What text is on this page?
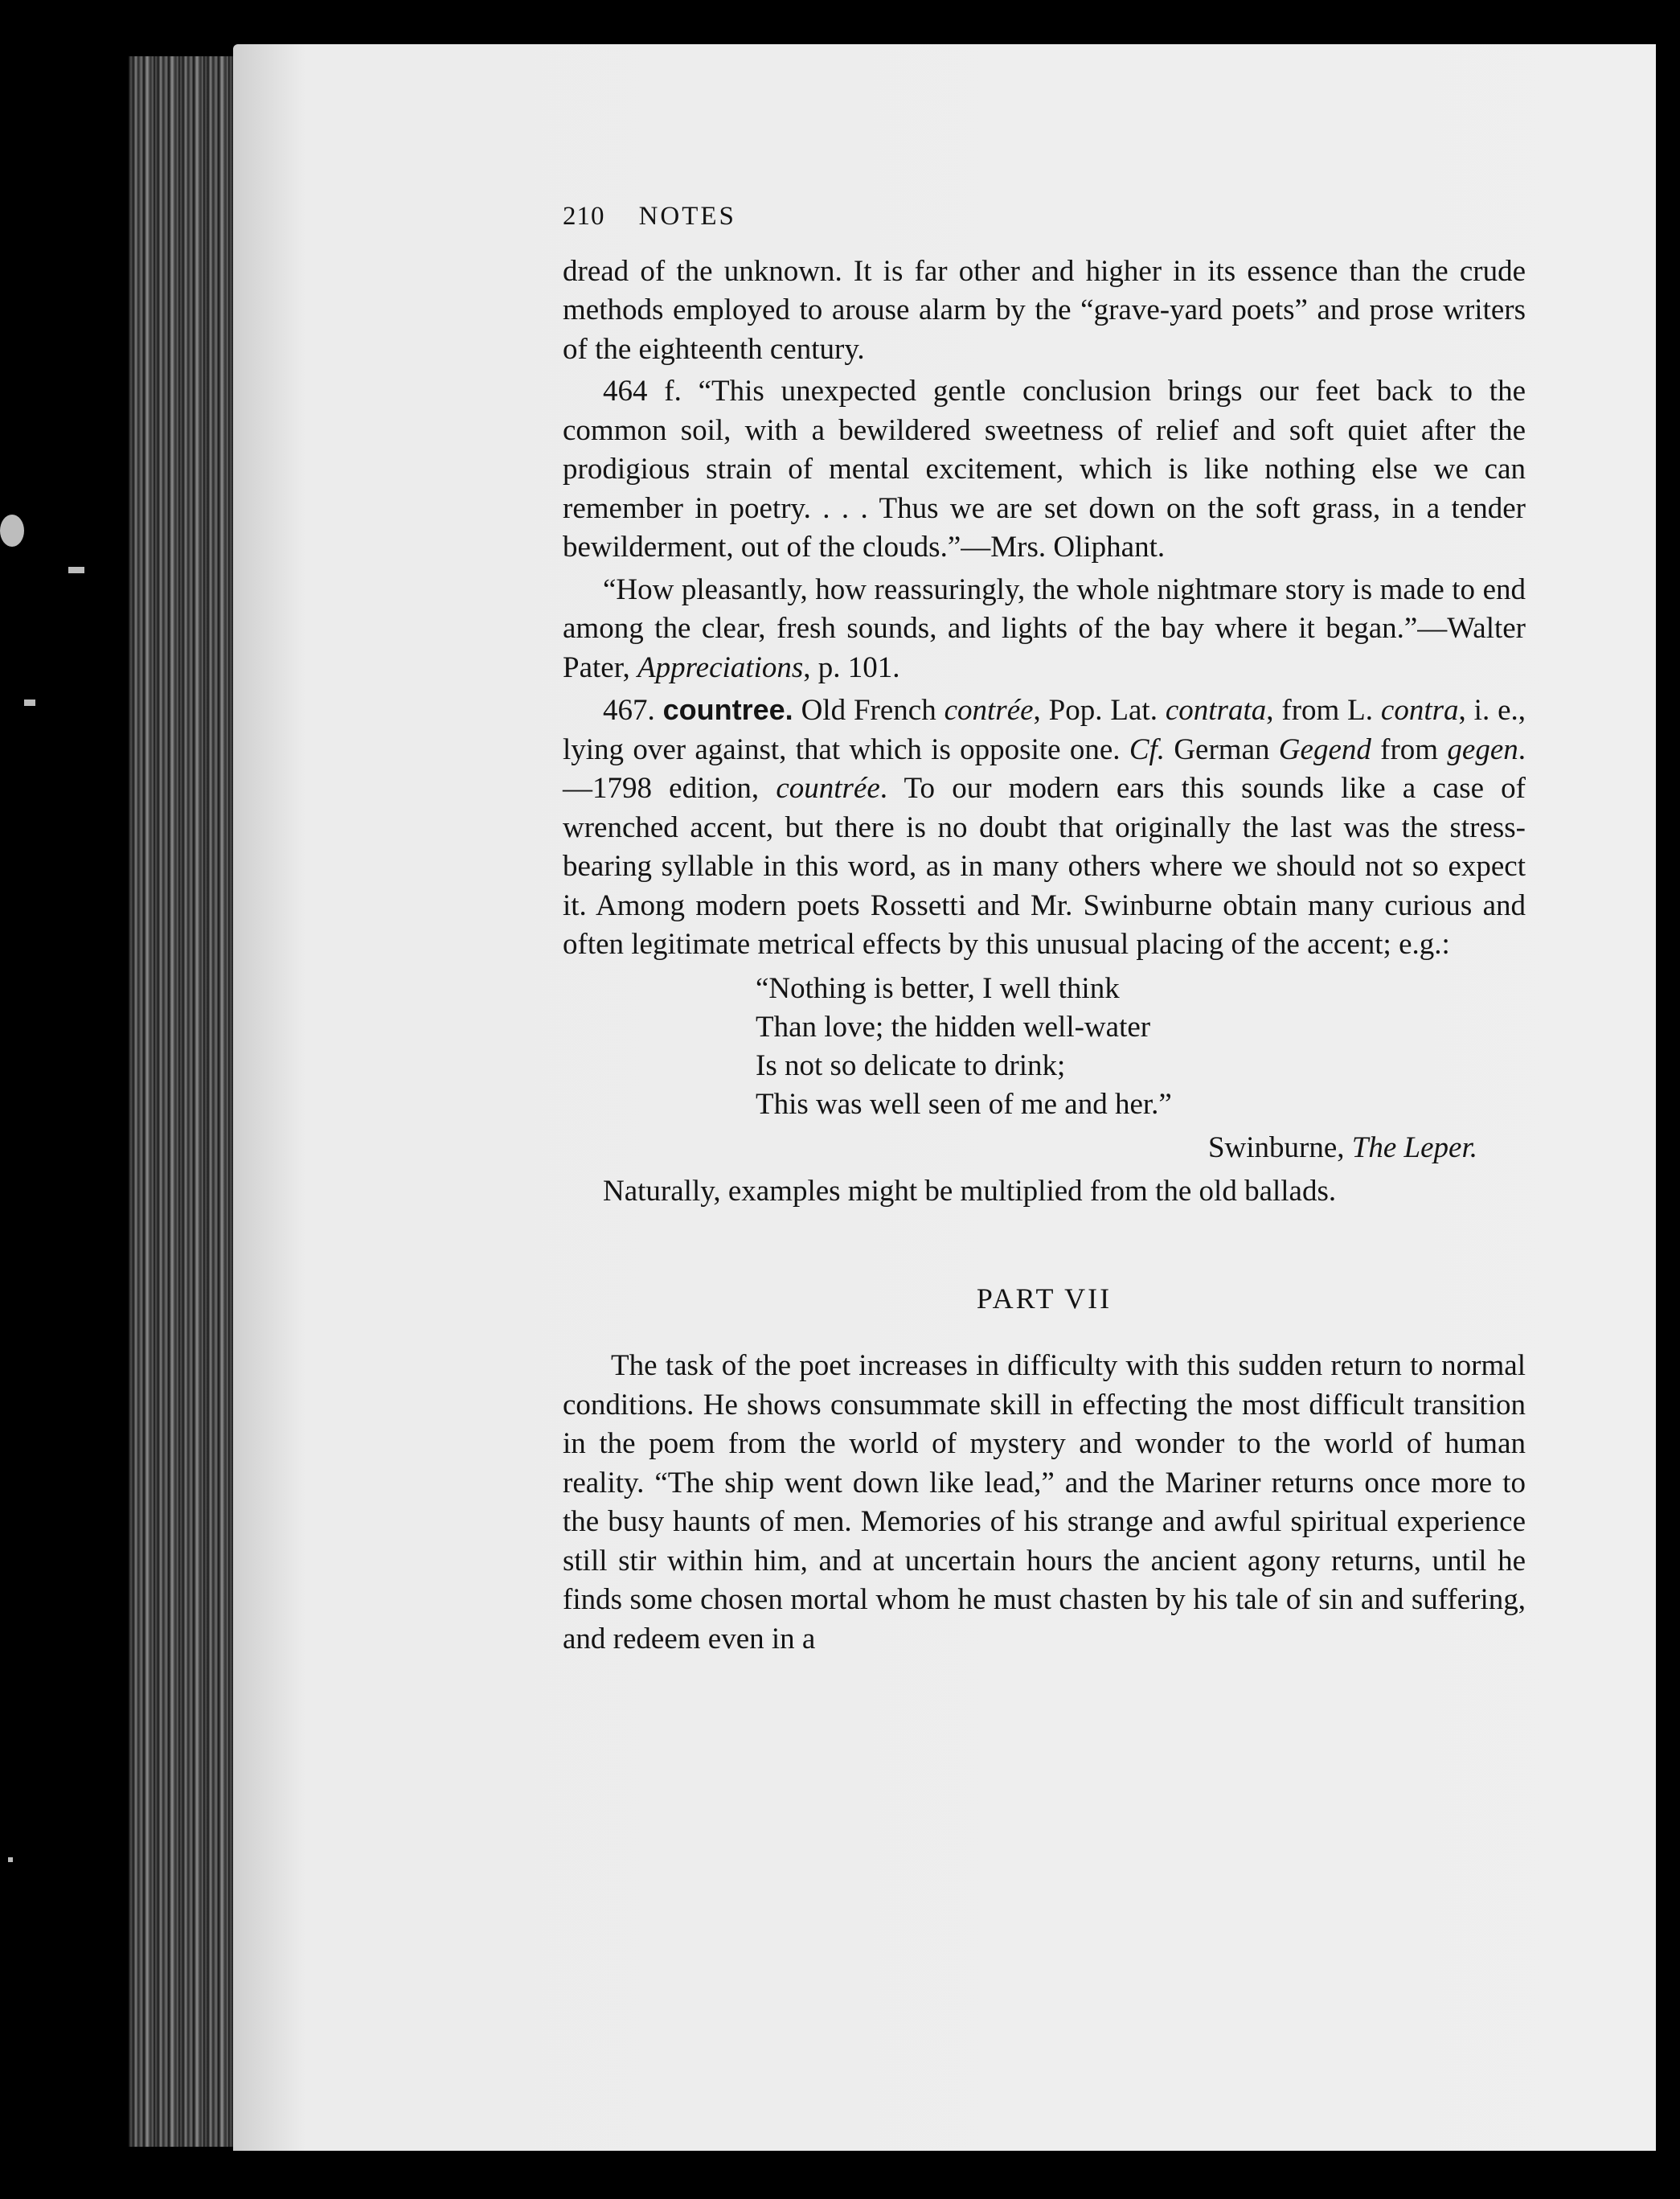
210 NOTES

dread of the unknown. It is far other and higher in its essence than the crude methods employed to arouse alarm by the “grave-yard poets” and prose writers of the eighteenth century.

464 f. “This unexpected gentle conclusion brings our feet back to the common soil, with a bewildered sweetness of relief and soft quiet after the prodigious strain of mental excitement, which is like nothing else we can remember in poetry. . . . Thus we are set down on the soft grass, in a tender bewilderment, out of the clouds.”—Mrs. Oliphant.

“How pleasantly, how reassuringly, the whole nightmare story is made to end among the clear, fresh sounds, and lights of the bay where it began.”—Walter Pater, Appreciations, p. 101.

467. countree. Old French contrée, Pop. Lat. contrata, from L. contra, i. e., lying over against, that which is opposite one. Cf. German Gegend from gegen.—1798 edition, countrée. To our modern ears this sounds like a case of wrenched accent, but there is no doubt that originally the last was the stress-bearing syllable in this word, as in many others where we should not so expect it. Among modern poets Rossetti and Mr. Swinburne obtain many curious and often legitimate metrical effects by this unusual placing of the accent; e.g.:

“Nothing is better, I well think
Than love; the hidden well-water
Is not so delicate to drink;
This was well seen of me and her.”
Swinburne, The Leper.

Naturally, examples might be multiplied from the old ballads.

PART VII

The task of the poet increases in difficulty with this sudden return to normal conditions. He shows consummate skill in effecting the most difficult transition in the poem from the world of mystery and wonder to the world of human reality. “The ship went down like lead,” and the Mariner returns once more to the busy haunts of men. Memories of his strange and awful spiritual experience still stir within him, and at uncertain hours the ancient agony returns, until he finds some chosen mortal whom he must chasten by his tale of sin and suffering, and redeem even in a
